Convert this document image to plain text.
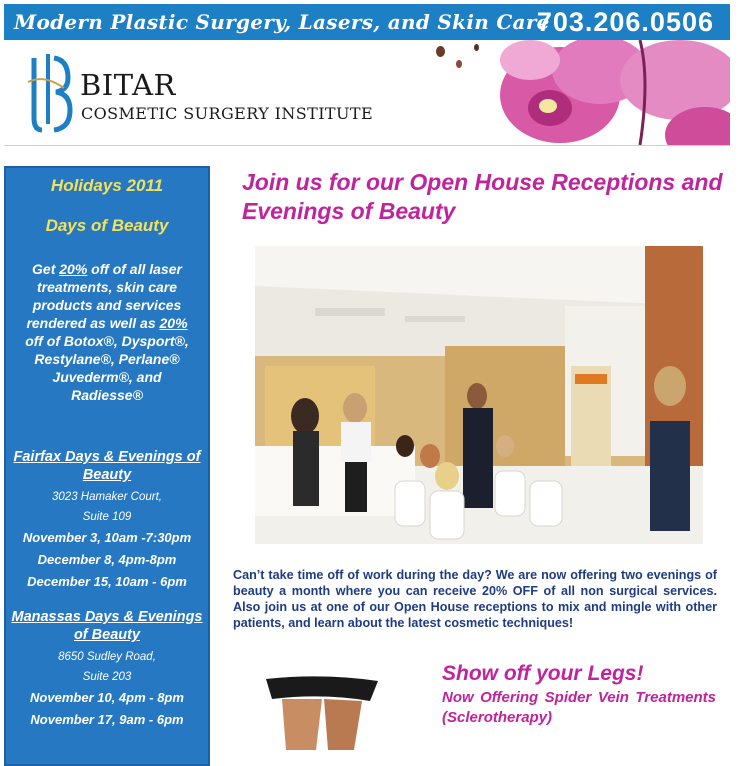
Modern Plastic Surgery, Lasers, and Skin Care
703.206.0506
BITAR
COSMETIC SURGERY INSTITUTE
Holidays 2011
Days of Beauty
Get 20% off of all laser treatments, skin care products and services rendered as well as 20% off of Botox®, Dysport®, Restylane®, Perlane® Juvederm®, and Radiesse®
Fairfax Days & Evenings of Beauty
3023 Hamaker Court,
Suite 109
November 3, 10am -7:30pm
December 8, 4pm-8pm
December 15, 10am - 6pm
Manassas Days & Evenings of Beauty
8650 Sudley Road,
Suite 203
November 10, 4pm - 8pm
November 17, 9am - 6pm
Join us for our Open House Receptions and Evenings of Beauty
Can’t take time off of work during the day? We are now offering two evenings of beauty a month where you can receive 20% OFF of all non surgical services. Also join us at one of our Open House receptions to mix and mingle with other patients, and learn about the latest cosmetic techniques!
Show off your Legs!
Now Offering Spider Vein Treatments (Sclerotherapy)
